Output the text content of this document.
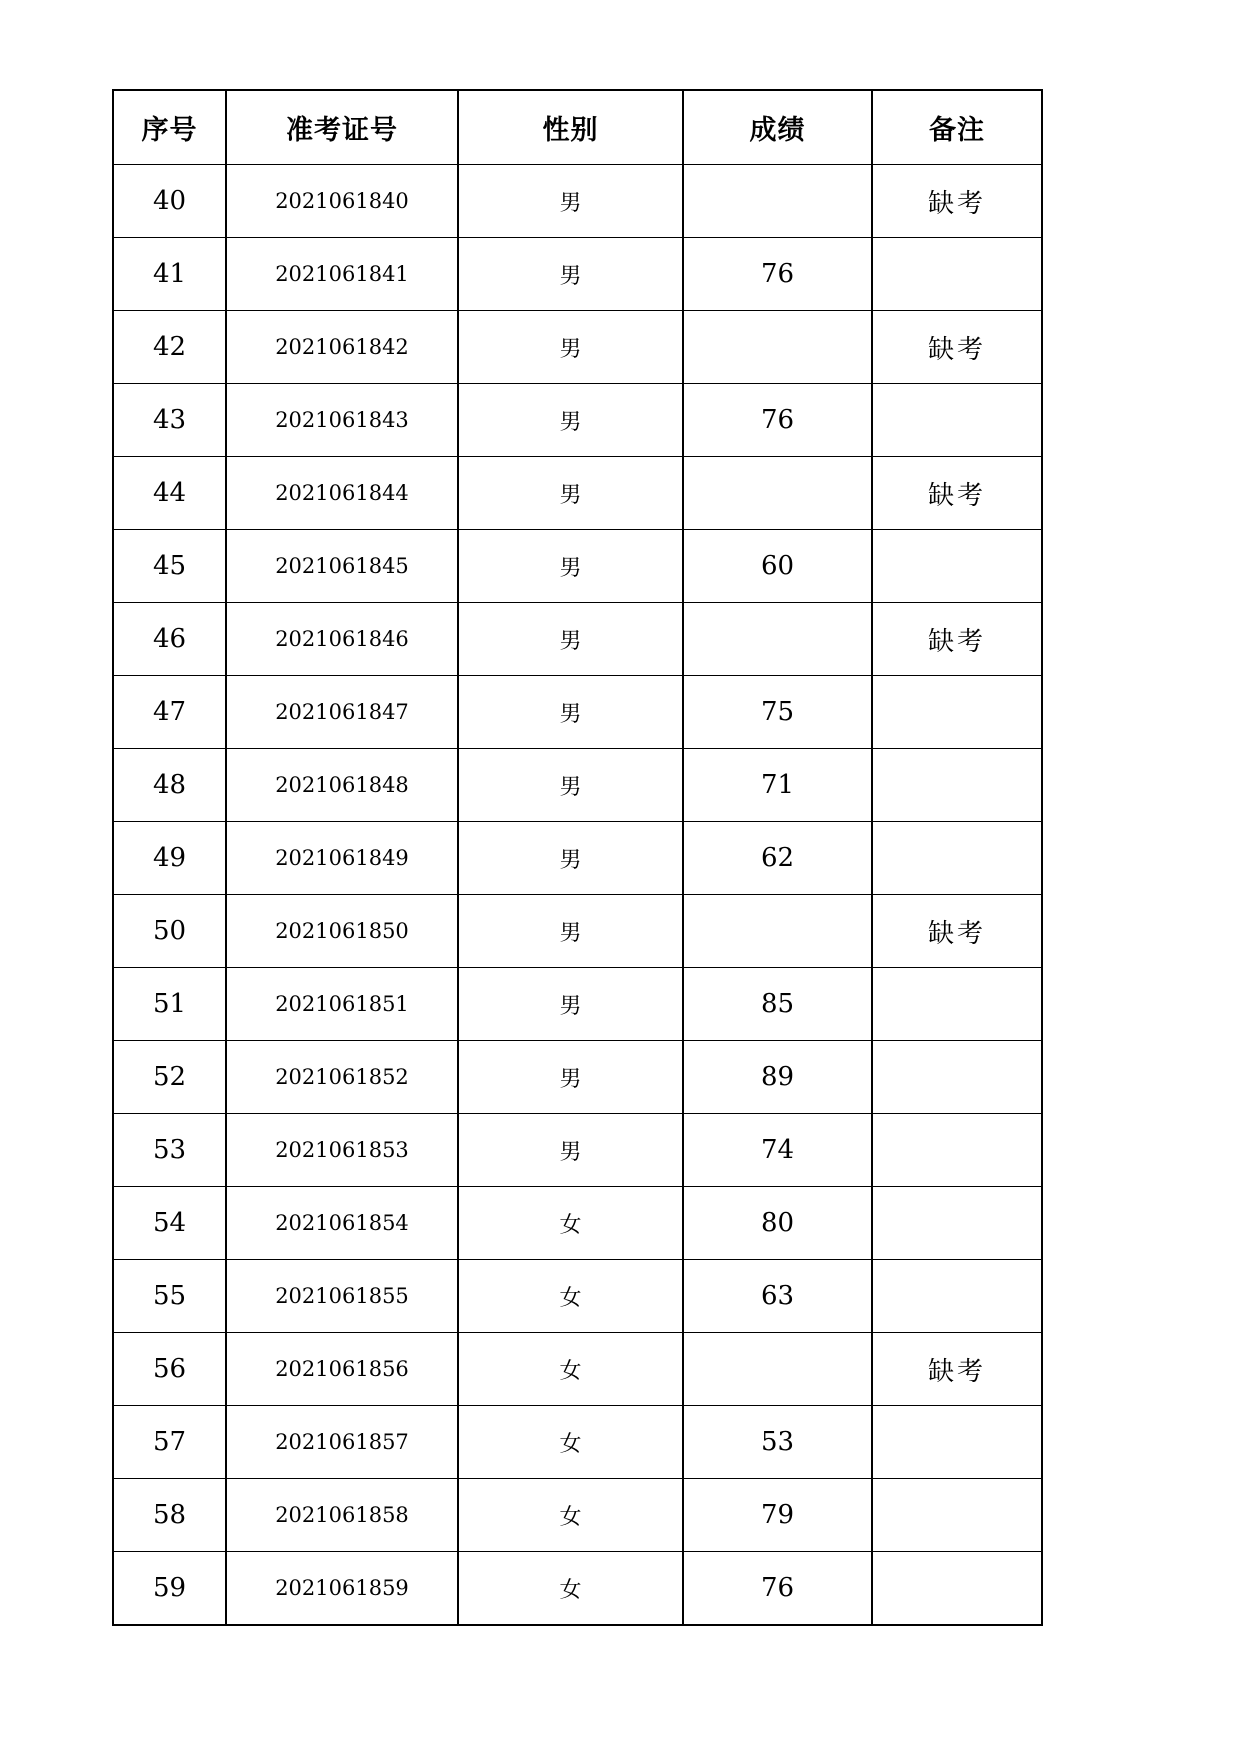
序号	准考证号	性别	成绩	备注
40	2021061840	男		缺考
41	2021061841	男	76	
42	2021061842	男		缺考
43	2021061843	男	76	
44	2021061844	男		缺考
45	2021061845	男	60	
46	2021061846	男		缺考
47	2021061847	男	75	
48	2021061848	男	71	
49	2021061849	男	62	
50	2021061850	男		缺考
51	2021061851	男	85	
52	2021061852	男	89	
53	2021061853	男	74	
54	2021061854	女	80	
55	2021061855	女	63	
56	2021061856	女		缺考
57	2021061857	女	53	
58	2021061858	女	79	
59	2021061859	女	76	
